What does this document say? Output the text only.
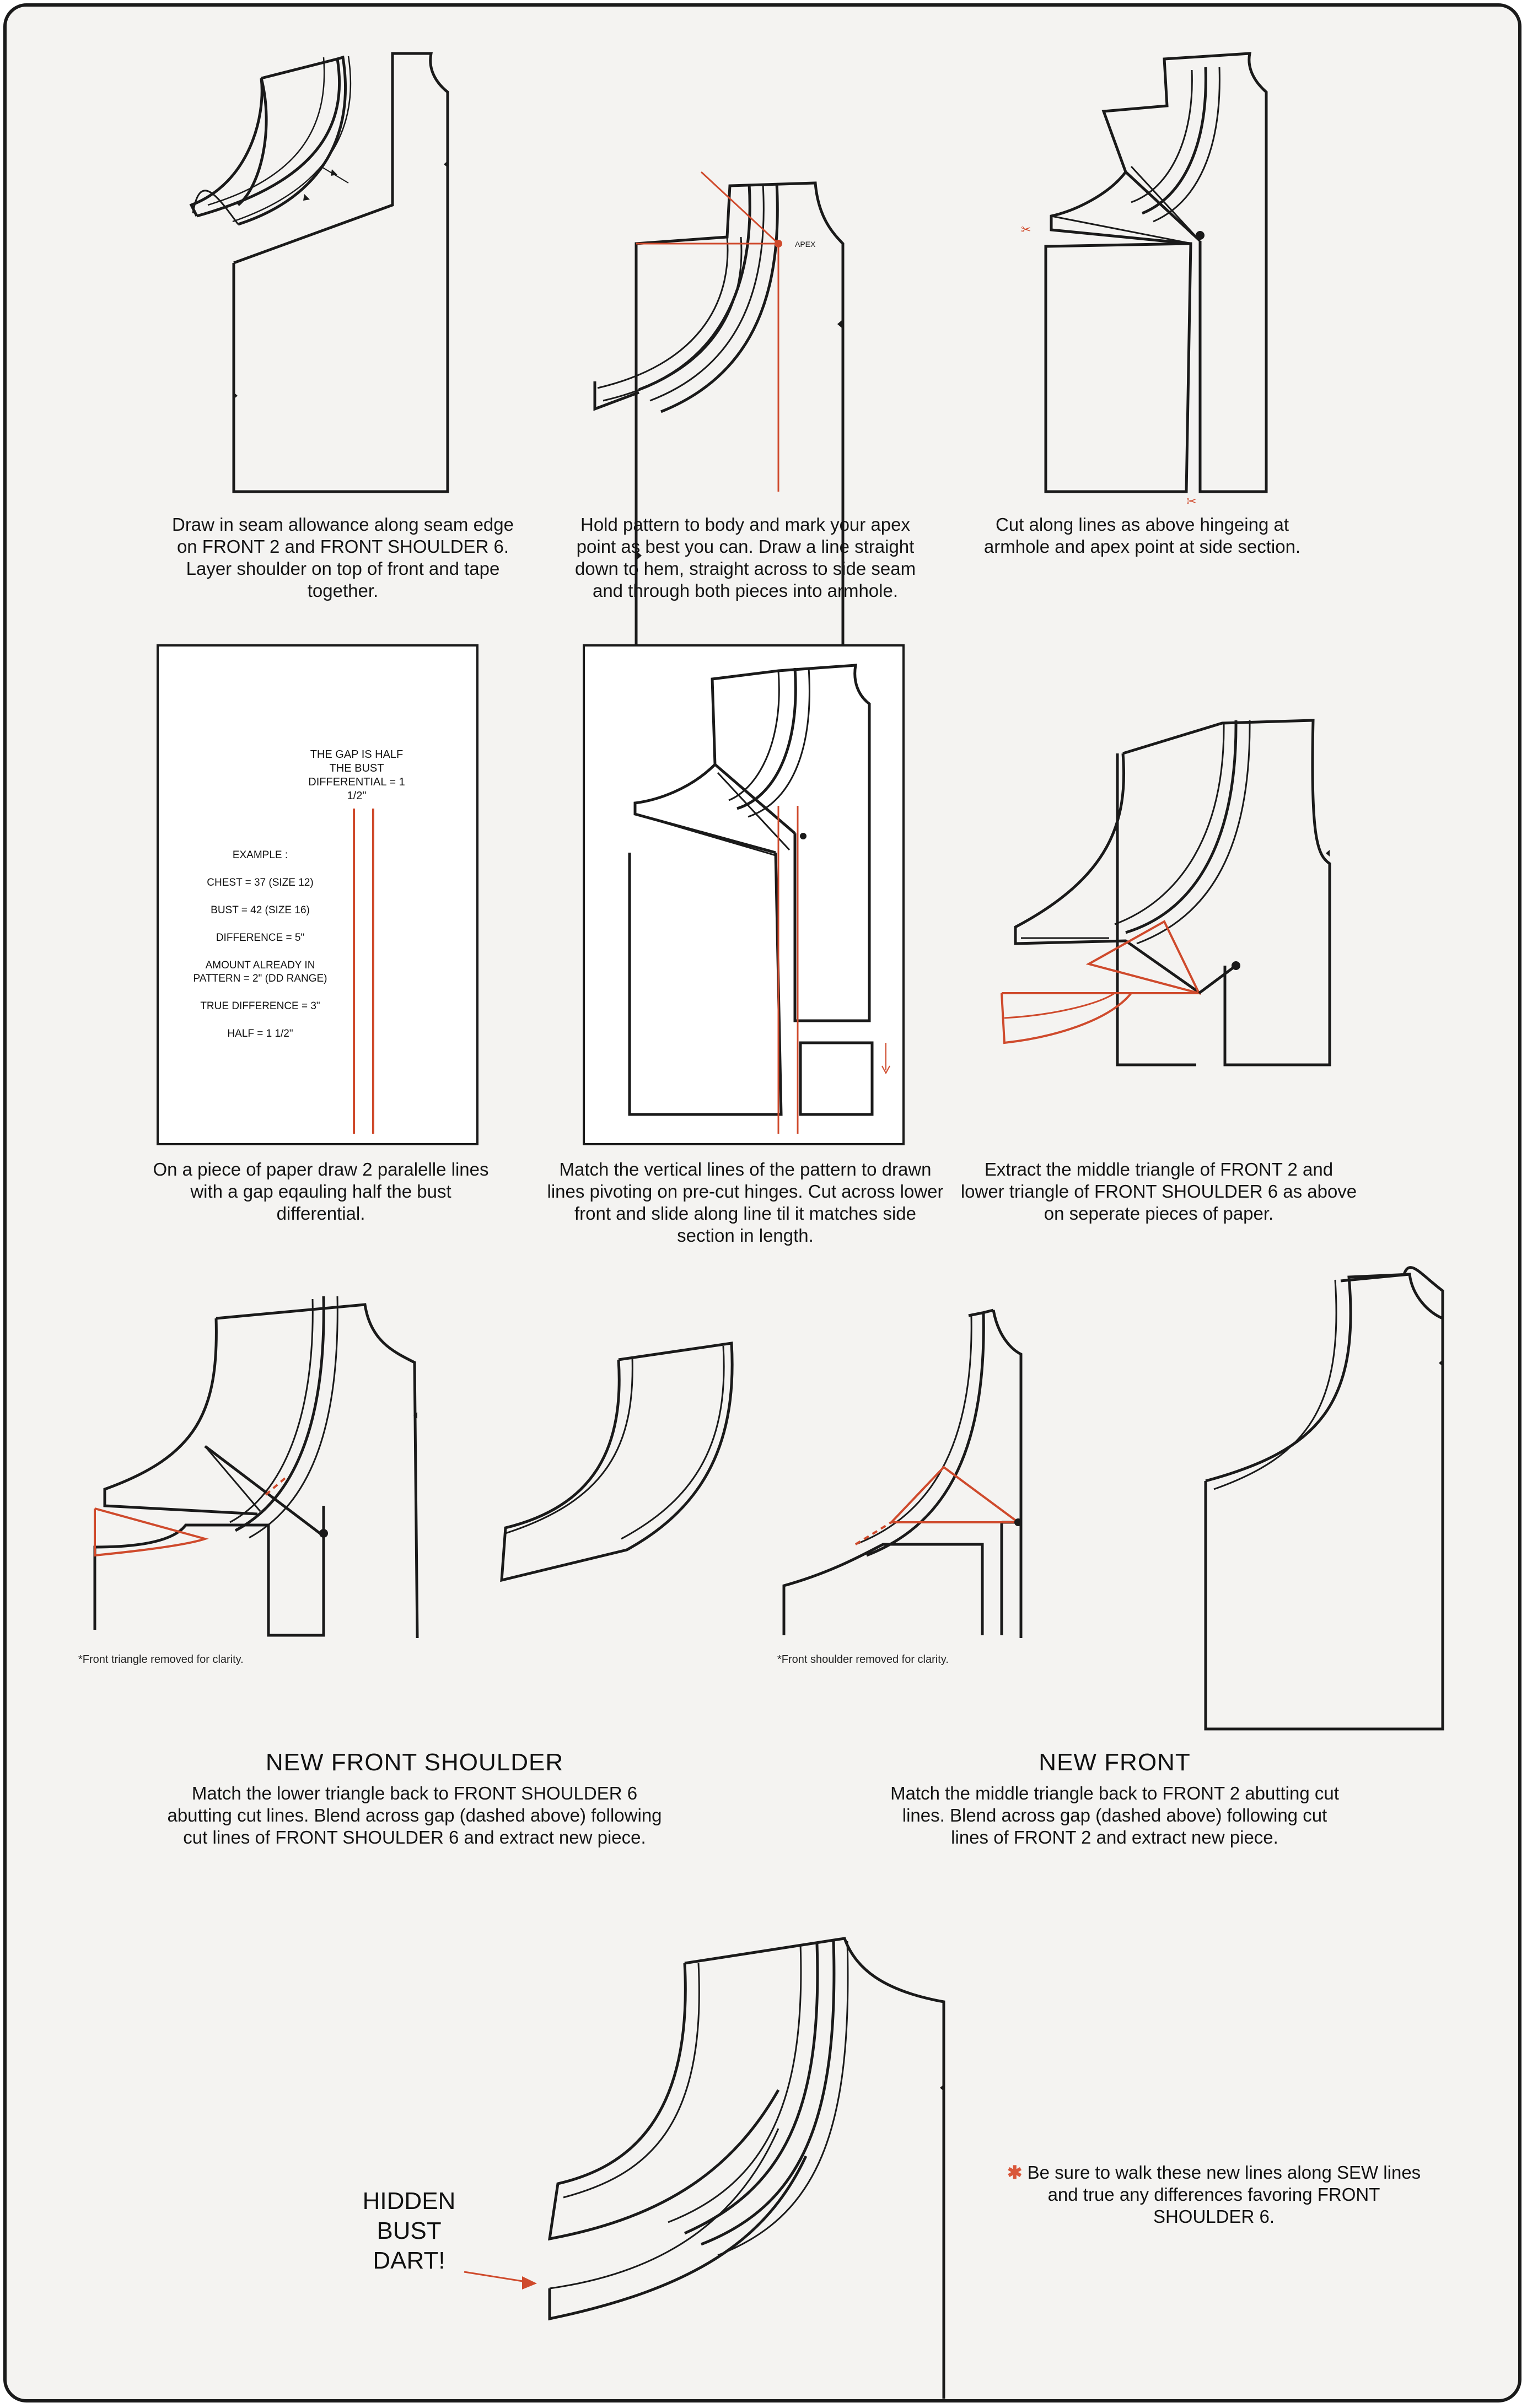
APEX
✂
✂
Draw in seam allowance along seam edge on FRONT 2 and FRONT SHOULDER 6. Layer shoulder on top of front and tape together.
Hold pattern to body and mark your apex point as best you can. Draw a line straight down to hem, straight across to side seam and through both pieces into armhole.
Cut along lines as above hingeing at armhole and apex point at side section.
THE GAP IS HALF THE BUST DIFFERENTIAL = 1 1/2"
EXAMPLE :
CHEST = 37 (SIZE 12)
BUST = 42 (SIZE 16)
DIFFERENCE = 5"
AMOUNT ALREADY IN PATTERN = 2" (DD RANGE)
TRUE DIFFERENCE = 3"
HALF = 1 1/2"
On a piece of paper draw 2 paralelle lines with a gap eqauling half the bust differential.
Match the vertical lines of the pattern to drawn lines pivoting on pre-cut hinges. Cut across lower front and slide along line til it matches side section in length.
Extract the middle triangle of FRONT 2 and lower triangle of FRONT SHOULDER 6 as above on seperate pieces of paper.
*Front triangle removed for clarity.	*Front shoulder removed for clarity.
NEW FRONT SHOULDER
Match the lower triangle back to FRONT SHOULDER 6 abutting cut lines. Blend across gap (dashed above) following cut lines of FRONT SHOULDER 6 and extract new piece.
NEW FRONT
Match the middle triangle back to FRONT 2 abutting cut lines. Blend across gap (dashed above) following cut lines of FRONT 2 and extract new piece.
HIDDEN BUST DART!
✱ Be sure to walk these new lines along SEW lines and true any differences favoring FRONT SHOULDER 6.
